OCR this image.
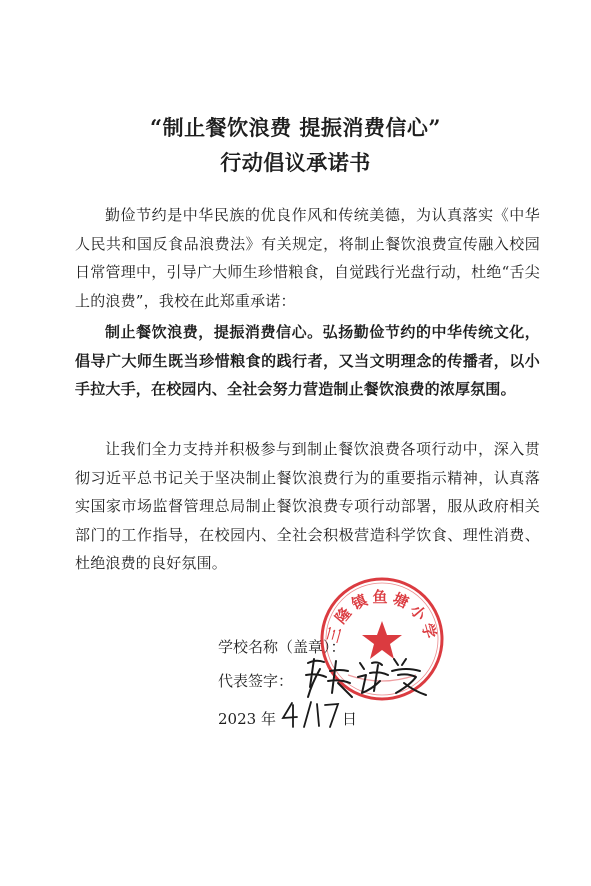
“制止餐饮浪费 提振消费信心”
行动倡议承诺书

勤俭节约是中华民族的优良作风和传统美德，为认真落实《中华人民共和国反食品浪费法》有关规定，将制止餐饮浪费宣传融入校园日常管理中，引导广大师生珍惜粮食，自觉践行光盘行动，杜绝“舌尖上的浪费”，我校在此郑重承诺：

制止餐饮浪费，提振消费信心。弘扬勤俭节约的中华传统文化，倡导广大师生既当珍惜粮食的践行者，又当文明理念的传播者，以小手拉大手，在校园内、全社会努力营造制止餐饮浪费的浓厚氛围。

让我们全力支持并积极参与到制止餐饮浪费各项行动中，深入贯彻习近平总书记关于坚决制止餐饮浪费行为的重要指示精神，认真落实国家市场监督管理总局制止餐饮浪费专项行动部署，服从政府相关部门的工作指导，在校园内、全社会积极营造科学饮食、理性消费、杜绝浪费的良好氛围。

学校名称（盖章）：
代表签字：
2023 年	日
三隆镇鱼塘小学
